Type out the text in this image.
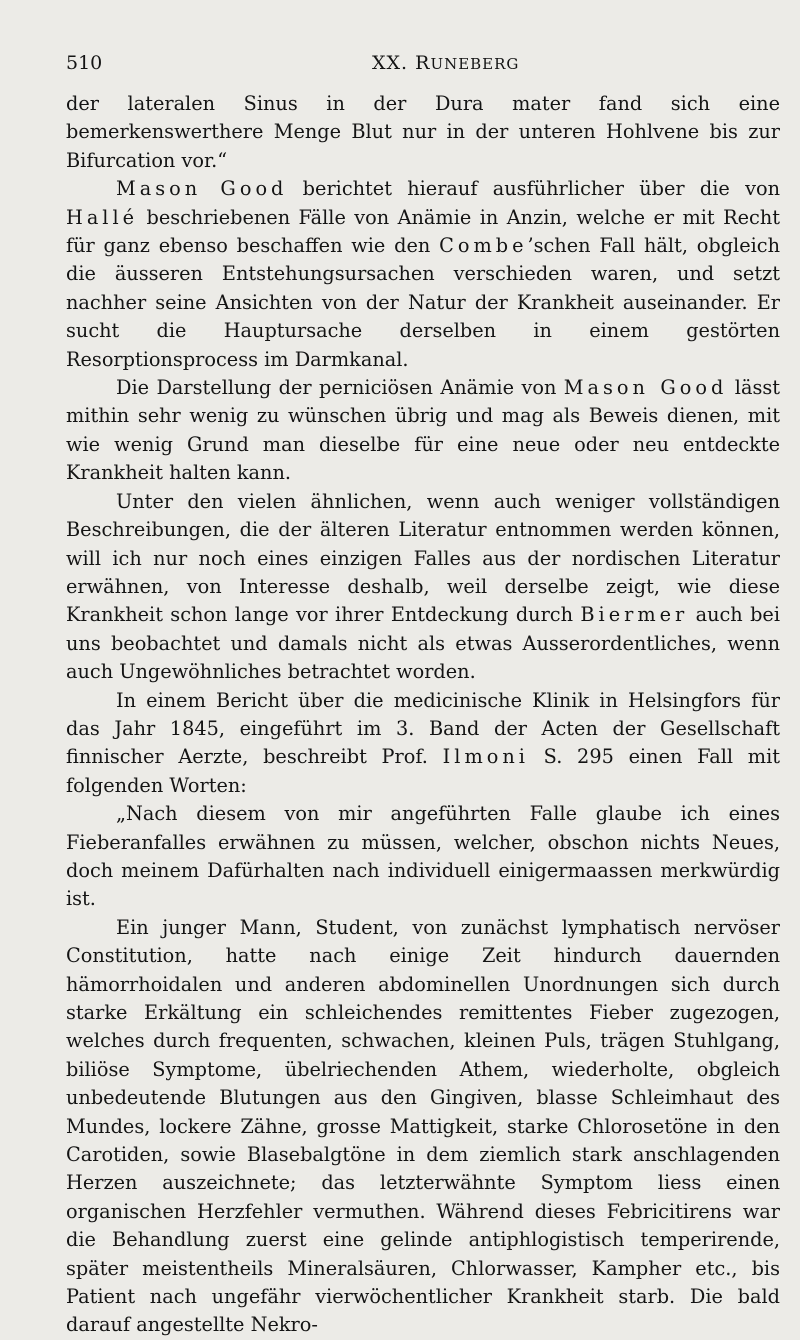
510	XX. RUNEBERG

der lateralen Sinus in der Dura mater fand sich eine bemerkenswerthere Menge Blut nur in der unteren Hohlvene bis zur Bifurcation vor.“

Mason Good berichtet hierauf ausführlicher über die von Hallé beschriebenen Fälle von Anämie in Anzin, welche er mit Recht für ganz ebenso beschaffen wie den Combe’schen Fall hält, obgleich die äusseren Entstehungsursachen verschieden waren, und setzt nachher seine Ansichten von der Natur der Krankheit auseinander. Er sucht die Hauptursache derselben in einem gestörten Resorptionsprocess im Darmkanal.

Die Darstellung der perniciösen Anämie von Mason Good lässt mithin sehr wenig zu wünschen übrig und mag als Beweis dienen, mit wie wenig Grund man dieselbe für eine neue oder neu entdeckte Krankheit halten kann.

Unter den vielen ähnlichen, wenn auch weniger vollständigen Beschreibungen, die der älteren Literatur entnommen werden können, will ich nur noch eines einzigen Falles aus der nordischen Literatur erwähnen, von Interesse deshalb, weil derselbe zeigt, wie diese Krankheit schon lange vor ihrer Entdeckung durch Biermer auch bei uns beobachtet und damals nicht als etwas Ausserordentliches, wenn auch Ungewöhnliches betrachtet worden.

In einem Bericht über die medicinische Klinik in Helsingfors für das Jahr 1845, eingeführt im 3. Band der Acten der Gesellschaft finnischer Aerzte, beschreibt Prof. Ilmoni S. 295 einen Fall mit folgenden Worten:

„Nach diesem von mir angeführten Falle glaube ich eines Fieberanfalles erwähnen zu müssen, welcher, obschon nichts Neues, doch meinem Dafürhalten nach individuell einigermaassen merkwürdig ist.

Ein junger Mann, Student, von zunächst lymphatisch nervöser Constitution, hatte nach einige Zeit hindurch dauernden hämorrhoidalen und anderen abdominellen Unordnungen sich durch starke Erkältung ein schleichendes remittentes Fieber zugezogen, welches durch frequenten, schwachen, kleinen Puls, trägen Stuhlgang, biliöse Symptome, übelriechenden Athem, wiederholte, obgleich unbedeutende Blutungen aus den Gingiven, blasse Schleimhaut des Mundes, lockere Zähne, grosse Mattigkeit, starke Chlorosetöne in den Carotiden, sowie Blasebalgtöne in dem ziemlich stark anschlagenden Herzen auszeichnete; das letzterwähnte Symptom liess einen organischen Herzfehler vermuthen. Während dieses Febricitirens war die Behandlung zuerst eine gelinde antiphlogistisch temperirende, später meistentheils Mineralsäuren, Chlorwasser, Kampher etc., bis Patient nach ungefähr vierwöchentlicher Krankheit starb. Die bald darauf angestellte Nekro-
